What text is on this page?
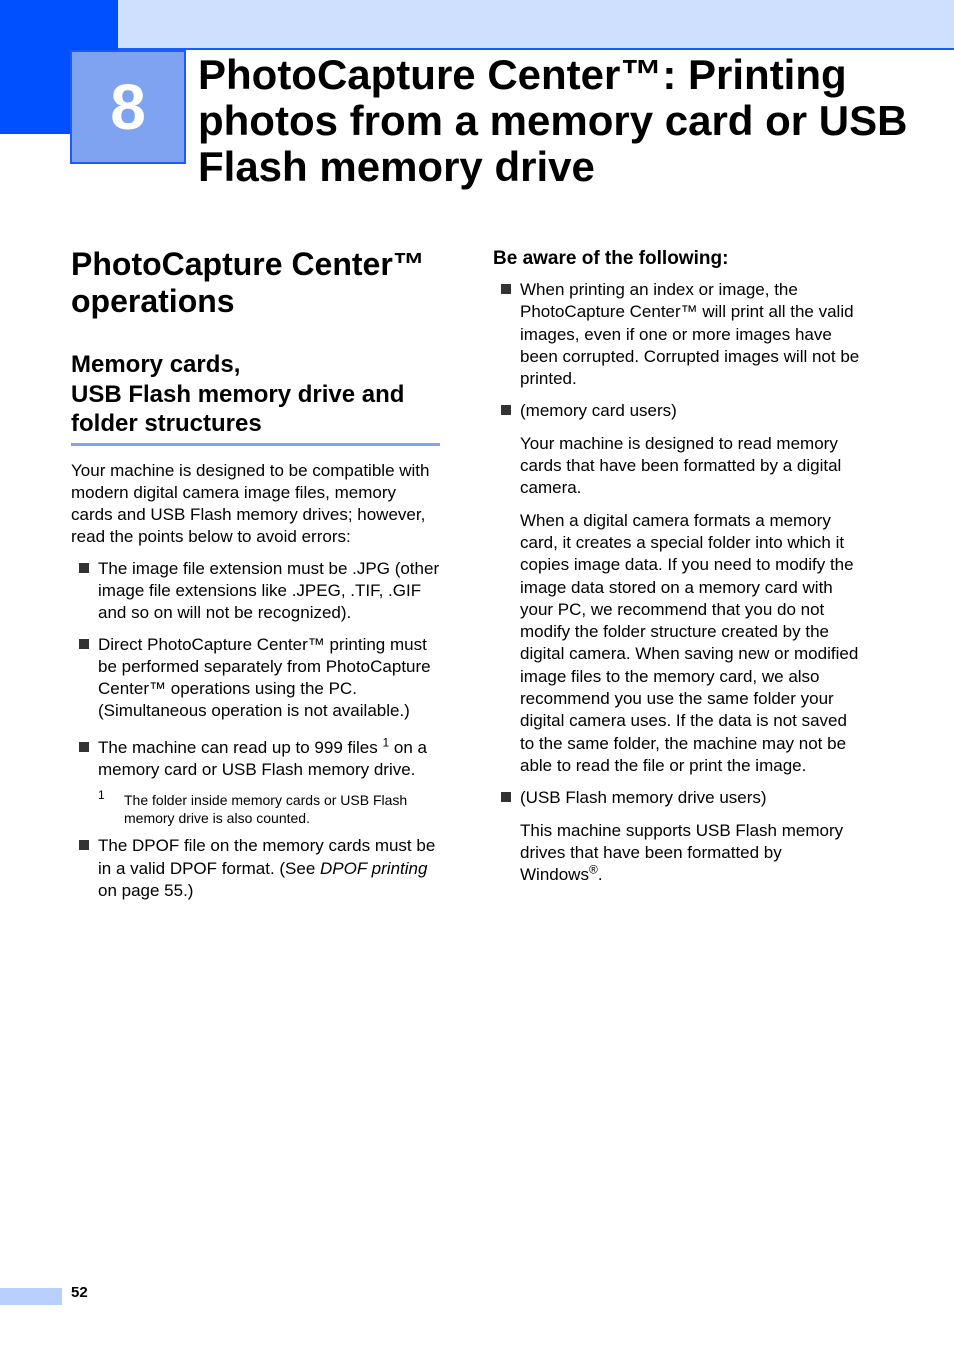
8 PhotoCapture Center™: Printing photos from a memory card or USB Flash memory drive
PhotoCapture Center™ operations
Memory cards,
USB Flash memory drive and folder structures

Your machine is designed to be compatible with modern digital camera image files, memory cards and USB Flash memory drives; however, read the points below to avoid errors:

The image file extension must be .JPG (other image file extensions like .JPEG, .TIF, .GIF and so on will not be recognized).
Direct PhotoCapture Center™ printing must be performed separately from PhotoCapture Center™ operations using the PC. (Simultaneous operation is not available.)
The machine can read up to 999 files $^1$ on a memory card or USB Flash memory drive.
1 The folder inside memory cards or USB Flash memory drive is also counted.
The DPOF file on the memory cards must be in a valid DPOF format. (See DPOF printing on page 55.)
Be aware of the following:
When printing an index or image, the PhotoCapture Center™ will print all the valid images, even if one or more images have been corrupted. Corrupted images will not be printed.
(memory card users)

Your machine is designed to read memory cards that have been formatted by a digital camera.

When a digital camera formats a memory card, it creates a special folder into which it copies image data. If you need to modify the image data stored on a memory card with your PC, we recommend that you do not modify the folder structure created by the digital camera. When saving new or modified image files to the memory card, we also recommend you use the same folder your digital camera uses. If the data is not saved to the same folder, the machine may not be able to read the file or print the image.

(USB Flash memory drive users)

This machine supports USB Flash memory drives that have been formatted by Windows®.

52
